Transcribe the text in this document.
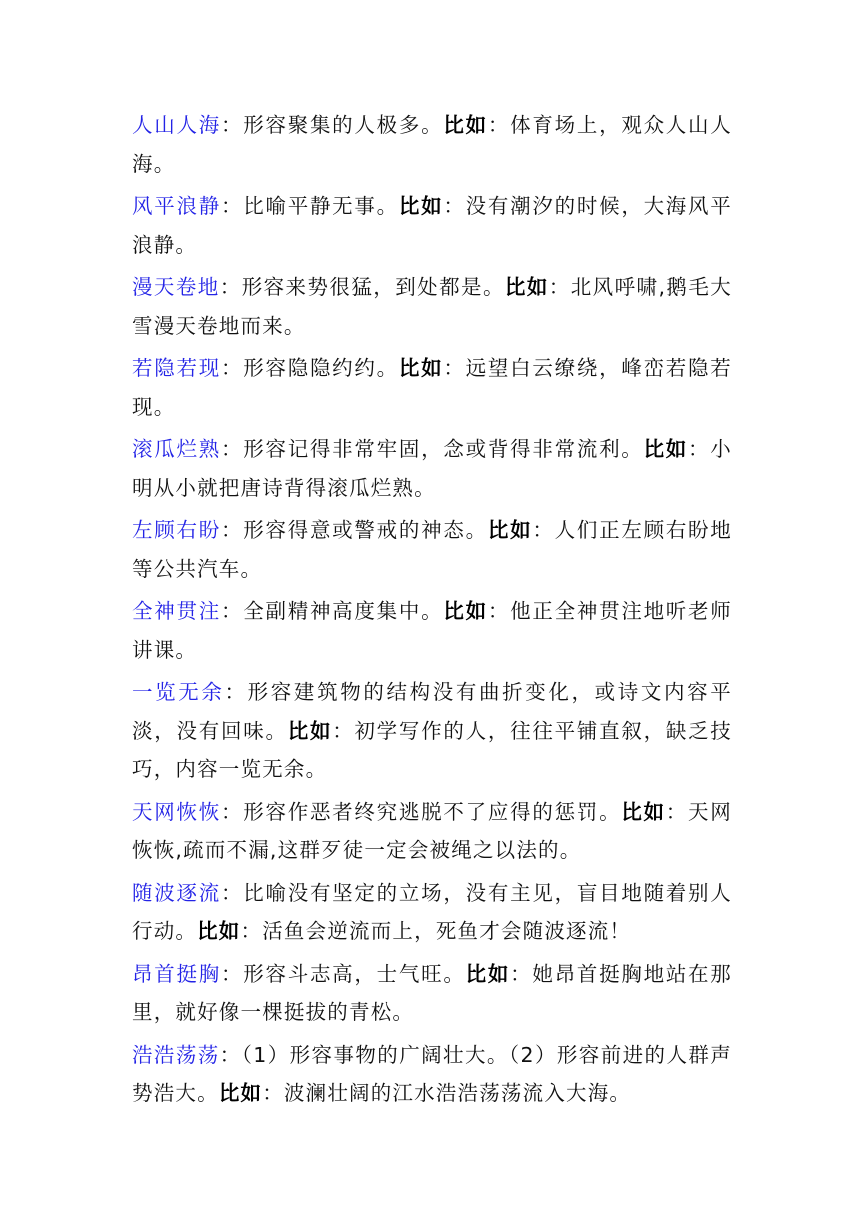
人山人海：形容聚集的人极多。比如：体育场上，观众人山人海。

风平浪静：比喻平静无事。比如：没有潮汐的时候，大海风平浪静。

漫天卷地：形容来势很猛，到处都是。比如：北风呼啸,鹅毛大雪漫天卷地而来。

若隐若现：形容隐隐约约。比如：远望白云缭绕，峰峦若隐若现。

滚瓜烂熟：形容记得非常牢固，念或背得非常流利。比如：小明从小就把唐诗背得滚瓜烂熟。

左顾右盼：形容得意或警戒的神态。比如：人们正左顾右盼地等公共汽车。

全神贯注：全副精神高度集中。比如：他正全神贯注地听老师讲课。

一览无余：形容建筑物的结构没有曲折变化，或诗文内容平淡，没有回味。比如：初学写作的人，往往平铺直叙，缺乏技巧，内容一览无余。

天网恢恢：形容作恶者终究逃脱不了应得的惩罚。比如：天网恢恢,疏而不漏,这群歹徒一定会被绳之以法的。

随波逐流：比喻没有坚定的立场，没有主见，盲目地随着别人行动。比如：活鱼会逆流而上，死鱼才会随波逐流！

昂首挺胸：形容斗志高，士气旺。比如：她昂首挺胸地站在那里，就好像一棵挺拔的青松。

浩浩荡荡：（1）形容事物的广阔壮大。（2）形容前进的人群声势浩大。比如：波澜壮阔的江水浩浩荡荡流入大海。
